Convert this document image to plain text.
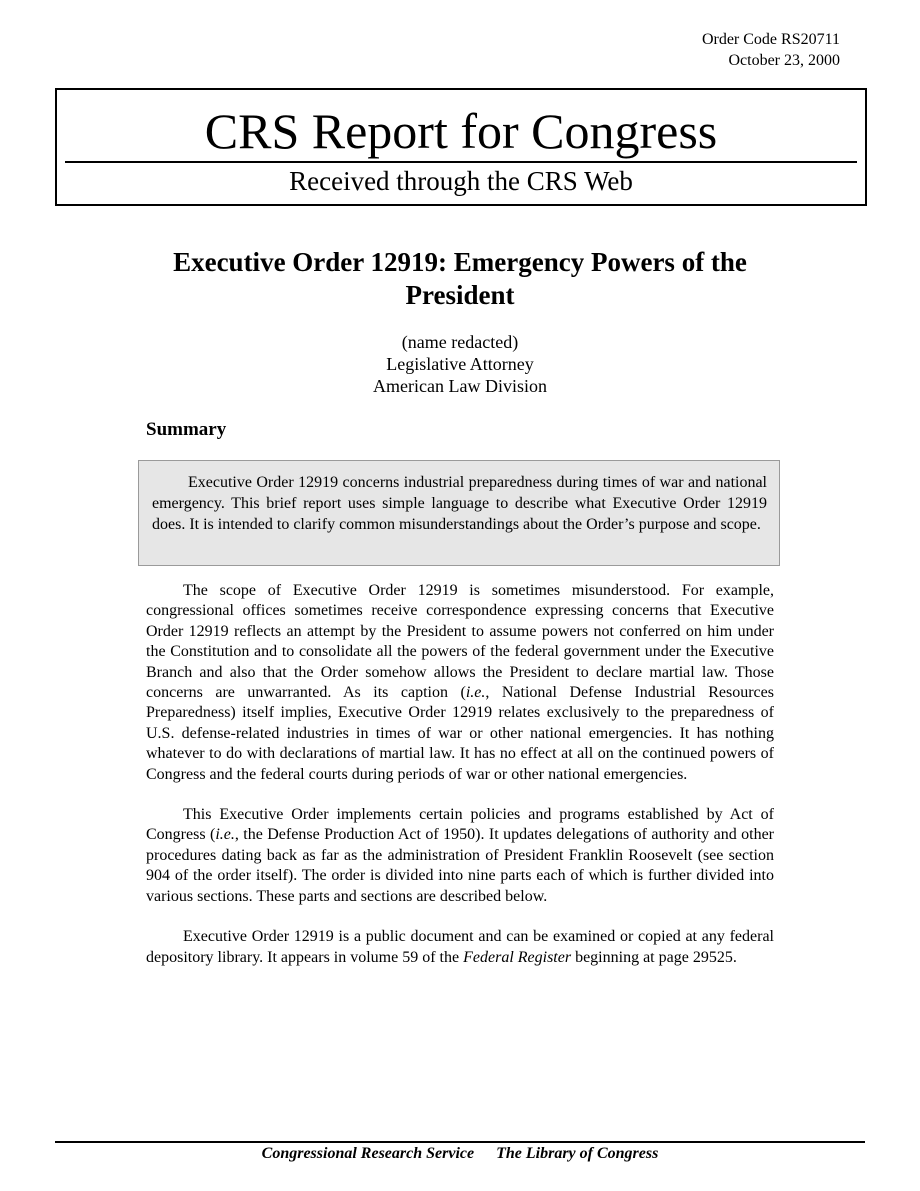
Order Code RS20711
October 23, 2000
CRS Report for Congress
Received through the CRS Web
Executive Order 12919: Emergency Powers of the President
(name redacted)
Legislative Attorney
American Law Division
Summary
Executive Order 12919 concerns industrial preparedness during times of war and national emergency. This brief report uses simple language to describe what Executive Order 12919 does. It is intended to clarify common misunderstandings about the Order’s purpose and scope.

The scope of Executive Order 12919 is sometimes misunderstood. For example, congressional offices sometimes receive correspondence expressing concerns that Executive Order 12919 reflects an attempt by the President to assume powers not conferred on him under the Constitution and to consolidate all the powers of the federal government under the Executive Branch and also that the Order somehow allows the President to declare martial law. Those concerns are unwarranted. As its caption (i.e., National Defense Industrial Resources Preparedness) itself implies, Executive Order 12919 relates exclusively to the preparedness of U.S. defense-related industries in times of war or other national emergencies. It has nothing whatever to do with declarations of martial law. It has no effect at all on the continued powers of Congress and the federal courts during periods of war or other national emergencies.

This Executive Order implements certain policies and programs established by Act of Congress (i.e., the Defense Production Act of 1950). It updates delegations of authority and other procedures dating back as far as the administration of President Franklin Roosevelt (see section 904 of the order itself). The order is divided into nine parts each of which is further divided into various sections. These parts and sections are described below.

Executive Order 12919 is a public document and can be examined or copied at any federal depository library. It appears in volume 59 of the Federal Register beginning at page 29525.

Congressional Research Service The Library of Congress
